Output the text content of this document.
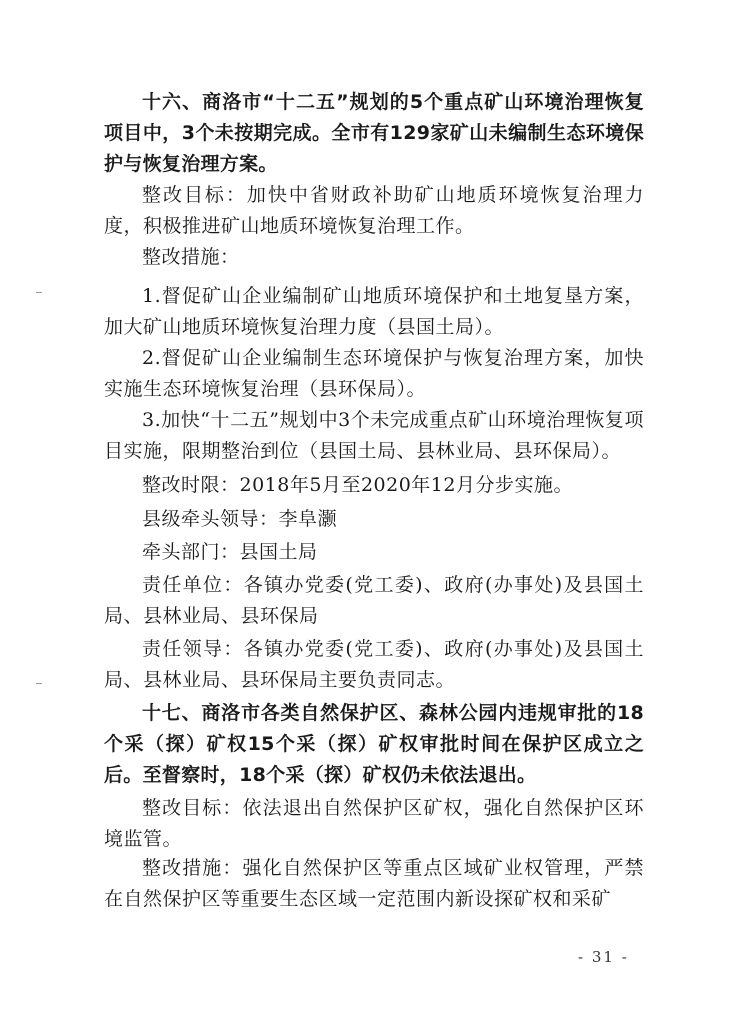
十六、商洛市“十二五”规划的5个重点矿山环境治理恢复项目中，3个未按期完成。全市有129家矿山未编制生态环境保护与恢复治理方案。

整改目标：加快中省财政补助矿山地质环境恢复治理力度，积极推进矿山地质环境恢复治理工作。

整改措施：

1.督促矿山企业编制矿山地质环境保护和土地复垦方案，加大矿山地质环境恢复治理力度（县国土局）。

2.督促矿山企业编制生态环境保护与恢复治理方案，加快实施生态环境恢复治理（县环保局）。

3.加快“十二五”规划中3个未完成重点矿山环境治理恢复项目实施，限期整治到位（县国土局、县林业局、县环保局）。

整改时限：2018年5月至2020年12月分步实施。

县级牵头领导：李阜灏

牵头部门：县国土局

责任单位：各镇办党委(党工委)、政府(办事处)及县国土局、县林业局、县环保局

责任领导：各镇办党委(党工委)、政府(办事处)及县国土局、县林业局、县环保局主要负责同志。

十七、商洛市各类自然保护区、森林公园内违规审批的18个采（探）矿权15个采（探）矿权审批时间在保护区成立之后。至督察时，18个采（探）矿权仍未依法退出。

整改目标：依法退出自然保护区矿权，强化自然保护区环境监管。

整改措施：强化自然保护区等重点区域矿业权管理，严禁在自然保护区等重要生态区域一定范围内新设探矿权和采矿

- 31 -
